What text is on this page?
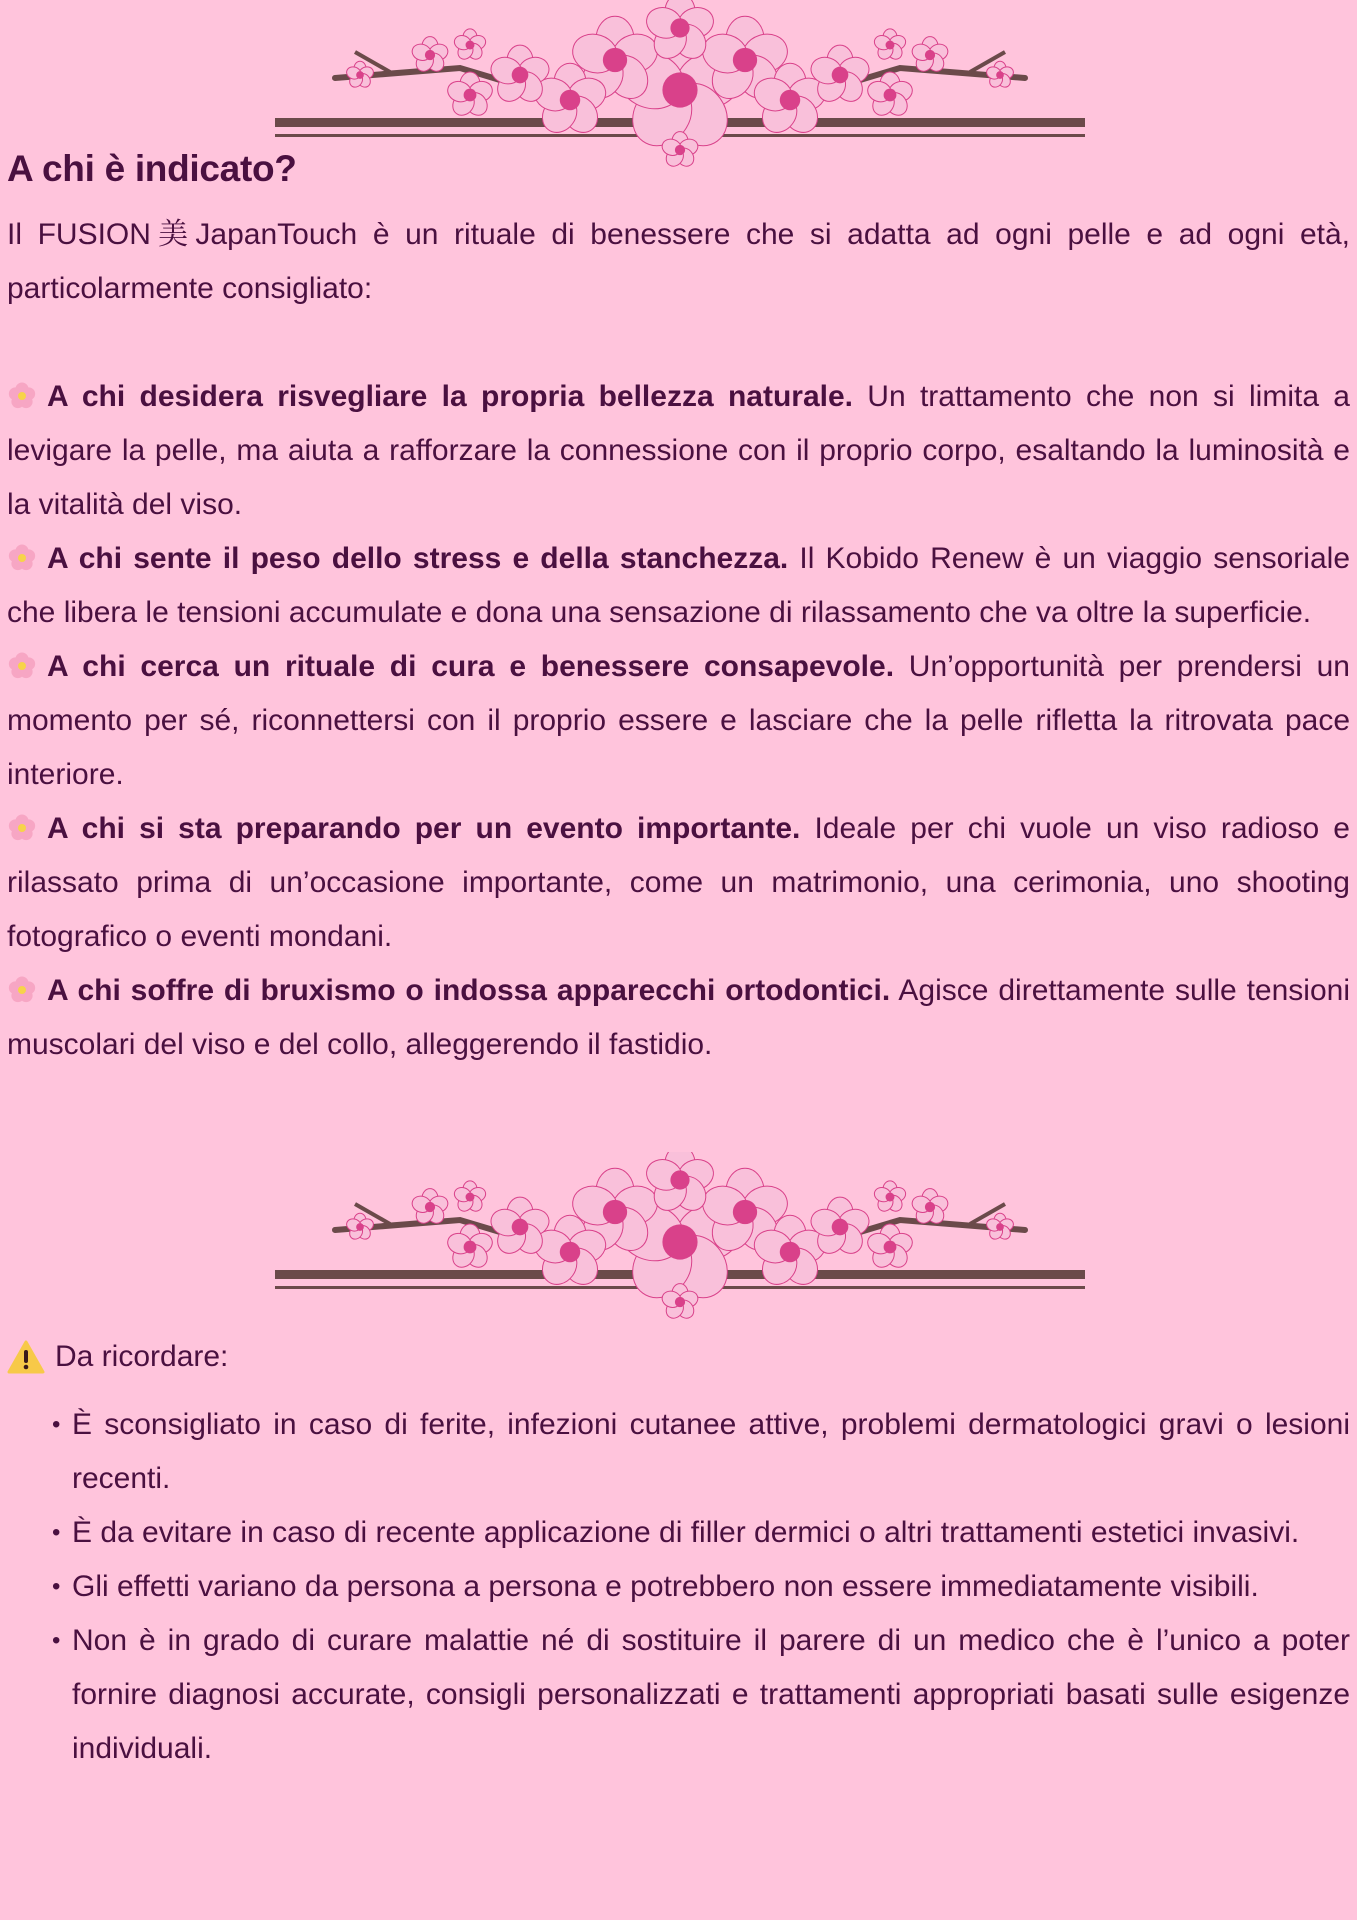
A chi è indicato?

Il FUSION美JapanTouch è un rituale di benessere che si adatta ad ogni pelle e ad ogni età, particolarmente consigliato:

A chi desidera risvegliare la propria bellezza naturale. Un trattamento che non si limita a levigare la pelle, ma aiuta a rafforzare la connessione con il proprio corpo, esaltando la luminosità e la vitalità del viso.

A chi sente il peso dello stress e della stanchezza. Il Kobido Renew è un viaggio sensoriale che libera le tensioni accumulate e dona una sensazione di rilassamento che va oltre la superficie.

A chi cerca un rituale di cura e benessere consapevole. Un’opportunità per prendersi un momento per sé, riconnettersi con il proprio essere e lasciare che la pelle rifletta la ritrovata pace interiore.

A chi si sta preparando per un evento importante. Ideale per chi vuole un viso radioso e rilassato prima di un’occasione importante, come un matrimonio, una cerimonia, uno shooting fotografico o eventi mondani.

A chi soffre di bruxismo o indossa apparecchi ortodontici. Agisce direttamente sulle tensioni muscolari del viso e del collo, alleggerendo il fastidio.

Da ricordare:
• È sconsigliato in caso di ferite, infezioni cutanee attive, problemi dermatologici gravi o lesioni recenti.
• È da evitare in caso di recente applicazione di filler dermici o altri trattamenti estetici invasivi.
• Gli effetti variano da persona a persona e potrebbero non essere immediatamente visibili.
• Non è in grado di curare malattie né di sostituire il parere di un medico che è l’unico a poter fornire diagnosi accurate, consigli personalizzati e trattamenti appropriati basati sulle esigenze individuali.
